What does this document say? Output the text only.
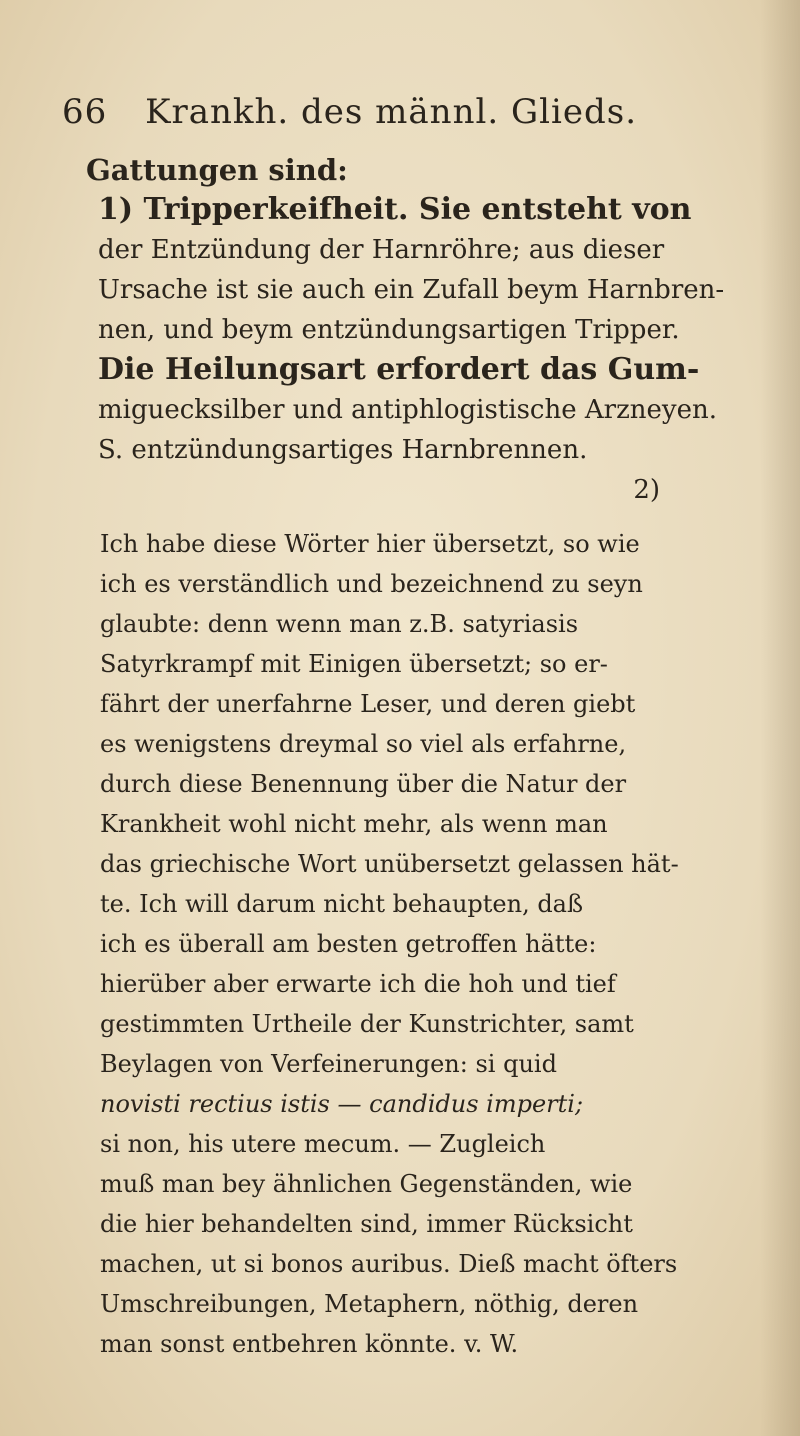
66 Krankh. des männl. Glieds.
Gattungen sind:
1) Tripperkeifheit. Sie entsteht von
der Entzündung der Harnröhre; aus dieser
Ursache ist sie auch ein Zufall beym Harnbren-
nen, und beym entzündungsartigen Tripper.
Die Heilungsart erfordert das Gum-
miguecksilber und antiphlogistische Arzneyen.
S. entzündungsartiges Harnbrennen.
2)
Ich habe diese Wörter hier übersetzt, so wie
ich es verständlich und bezeichnend zu seyn
glaubte: denn wenn man z.B. satyriasis
Satyrkrampf mit Einigen übersetzt; so er-
fährt der unerfahrne Leser, und deren giebt
es wenigstens dreymal so viel als erfahrne,
durch diese Benennung über die Natur der
Krankheit wohl nicht mehr, als wenn man
das griechische Wort unübersetzt gelassen hät-
te. Ich will darum nicht behaupten, daß
ich es überall am besten getroffen hätte:
hierüber aber erwarte ich die hoh und tief
gestimmten Urtheile der Kunstrichter, samt
Beylagen von Verfeinerungen: si quid
novisti rectius istis — candidus imperti;
si non, his utere mecum. — Zugleich
muß man bey ähnlichen Gegenständen, wie
die hier behandelten sind, immer Rücksicht
machen, ut si bonos auribus. Dieß macht öfters
Umschreibungen, Metaphern, nöthig, deren
man sonst entbehren könnte. v. W.
